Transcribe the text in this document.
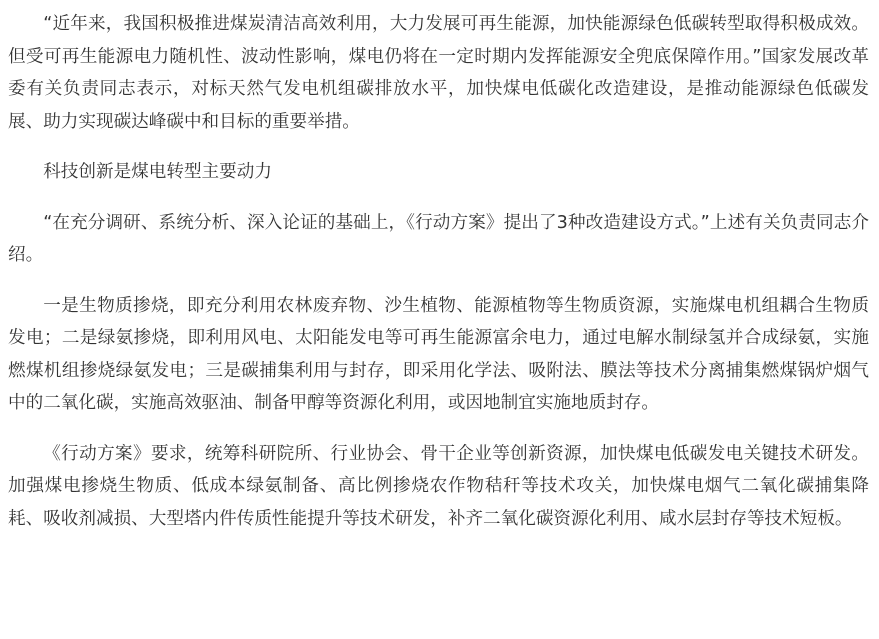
“近年来，我国积极推进煤炭清洁高效利用，大力发展可再生能源，加快能源绿色低碳转型取得积极成效。但受可再生能源电力随机性、波动性影响，煤电仍将在一定时期内发挥能源安全兜底保障作用。”国家发展改革委有关负责同志表示，对标天然气发电机组碳排放水平，加快煤电低碳化改造建设，是推动能源绿色低碳发展、助力实现碳达峰碳中和目标的重要举措。

科技创新是煤电转型主要动力

“在充分调研、系统分析、深入论证的基础上，《行动方案》提出了3种改造建设方式。”上述有关负责同志介绍。

一是生物质掺烧，即充分利用农林废弃物、沙生植物、能源植物等生物质资源，实施煤电机组耦合生物质发电；二是绿氨掺烧，即利用风电、太阳能发电等可再生能源富余电力，通过电解水制绿氢并合成绿氨，实施燃煤机组掺烧绿氨发电；三是碳捕集利用与封存，即采用化学法、吸附法、膜法等技术分离捕集燃煤锅炉烟气中的二氧化碳，实施高效驱油、制备甲醇等资源化利用，或因地制宜实施地质封存。

《行动方案》要求，统筹科研院所、行业协会、骨干企业等创新资源，加快煤电低碳发电关键技术研发。加强煤电掺烧生物质、低成本绿氨制备、高比例掺烧农作物秸秆等技术攻关，加快煤电烟气二氧化碳捕集降耗、吸收剂减损、大型塔内件传质性能提升等技术研发，补齐二氧化碳资源化利用、咸水层封存等技术短板。
